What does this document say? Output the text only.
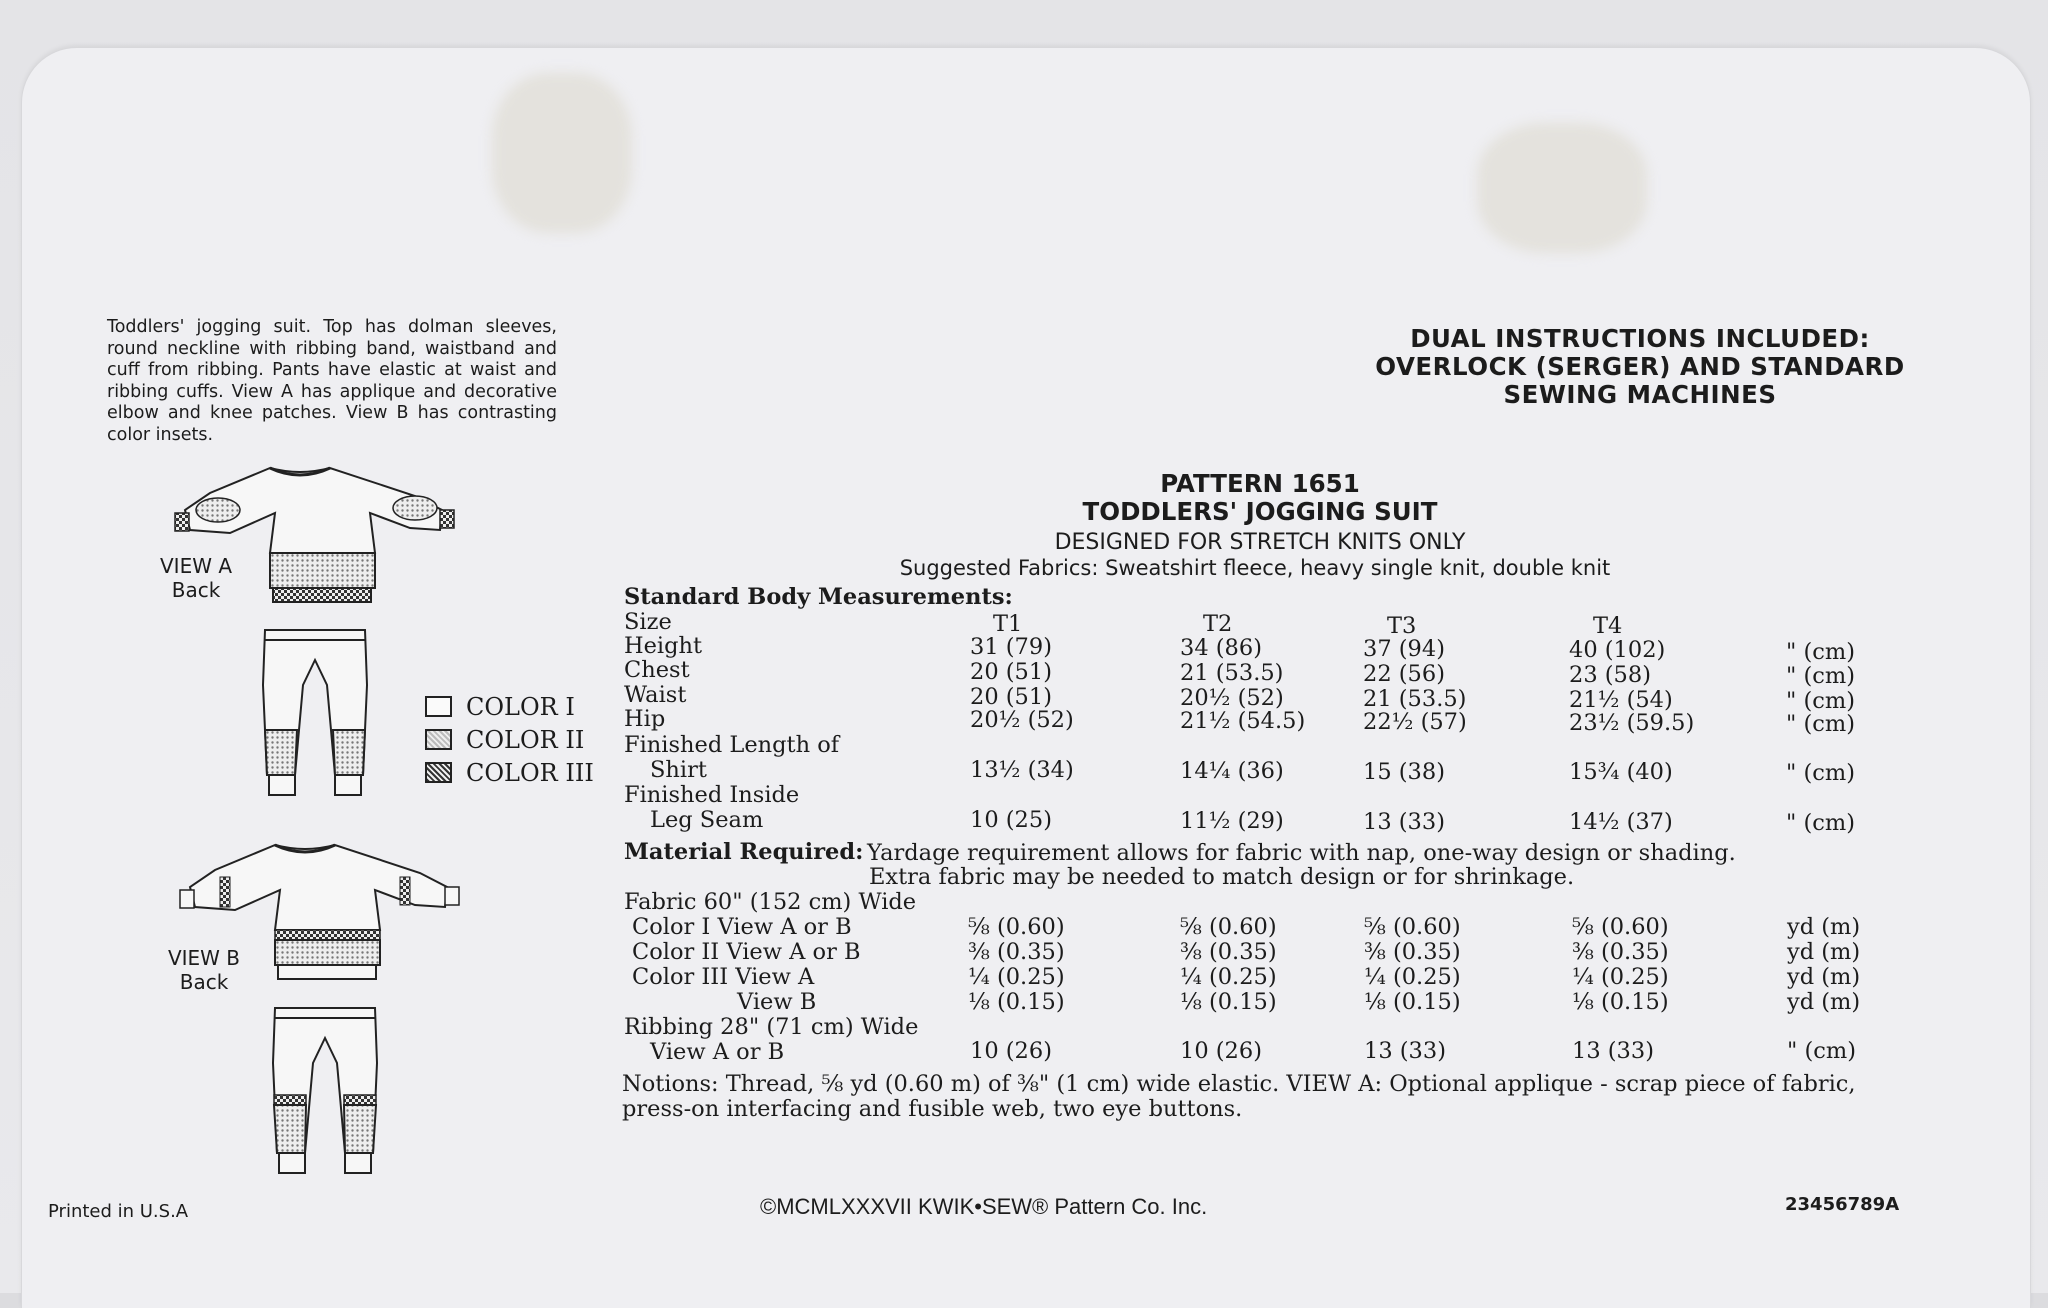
Toddlers' jogging suit. Top has dolman sleeves, round neckline with ribbing band, waistband and cuff from ribbing. Pants have elastic at waist and ribbing cuffs. View A has applique and decorative elbow and knee patches. View B has contrasting color insets.
VIEW A
Back
COLOR I
COLOR II
COLOR III
VIEW B
Back
DUAL INSTRUCTIONS INCLUDED:
OVERLOCK (SERGER) AND STANDARD
SEWING MACHINES
PATTERN 1651
TODDLERS' JOGGING SUIT
DESIGNED FOR STRETCH KNITS ONLY
Suggested Fabrics: Sweatshirt fleece, heavy single knit, double knit
Standard Body Measurements:
Size	T1	T2	T3	T4
Height	31 (79)	34 (86)	37 (94)	40 (102)	" (cm)
Chest	20 (51)	21 (53.5)	22 (56)	23 (58)	" (cm)
Waist	20 (51)	20½ (52)	21 (53.5)	21½ (54)	" (cm)
Hip	20½ (52)	21½ (54.5)	22½ (57)	23½ (59.5)	" (cm)
Finished Length of
Shirt	13½ (34)	14¼ (36)	15 (38)	15¾ (40)	" (cm)
Finished Inside
Leg Seam	10 (25)	11½ (29)	13 (33)	14½ (37)	" (cm)
Material Required: Yardage requirement allows for fabric with nap, one-way design or shading.
Extra fabric may be needed to match design or for shrinkage.
Fabric 60" (152 cm) Wide
Color I View A or B	⅝ (0.60)	⅝ (0.60)	⅝ (0.60)	⅝ (0.60)	yd (m)
Color II View A or B	⅜ (0.35)	⅜ (0.35)	⅜ (0.35)	⅜ (0.35)	yd (m)
Color III View A	¼ (0.25)	¼ (0.25)	¼ (0.25)	¼ (0.25)	yd (m)
View B	⅛ (0.15)	⅛ (0.15)	⅛ (0.15)	⅛ (0.15)	yd (m)
Ribbing 28" (71 cm) Wide
View A or B	10 (26)	10 (26)	13 (33)	13 (33)	" (cm)
Notions: Thread, ⅝ yd (0.60 m) of ⅜" (1 cm) wide elastic. VIEW A: Optional applique - scrap piece of fabric,
press-on interfacing and fusible web, two eye buttons.
Printed in U.S.A	©MCMLXXXVII KWIK•SEW® Pattern Co. Inc.	23456789A
